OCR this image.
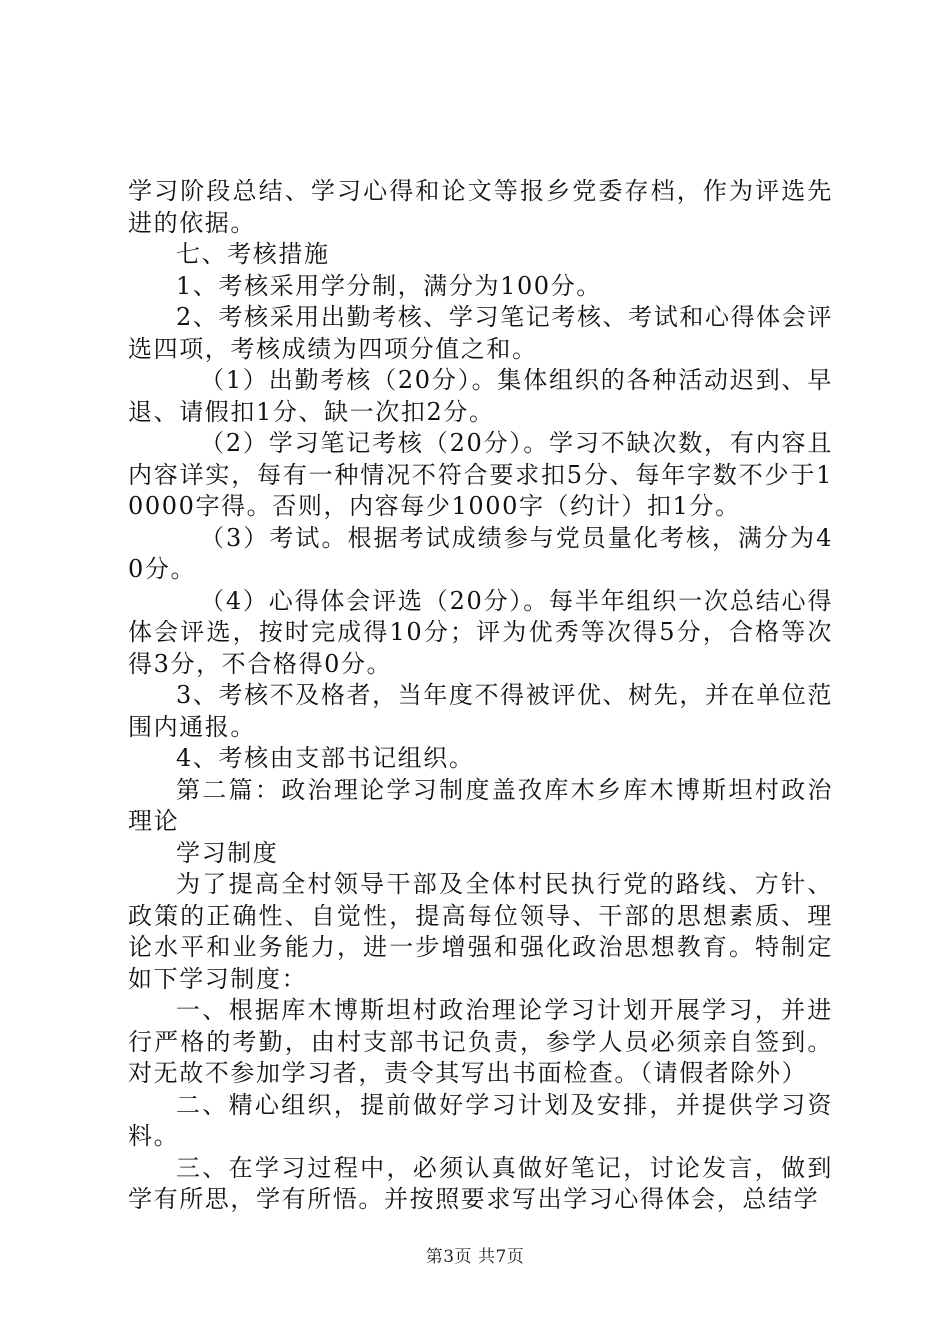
学习阶段总结、学习心得和论文等报乡党委存档，作为评选先进的依据。

七、考核措施

1、考核采用学分制，满分为100分。

2、考核采用出勤考核、学习笔记考核、考试和心得体会评选四项，考核成绩为四项分值之和。

（1）出勤考核（20分）。集体组织的各种活动迟到、早退、请假扣1分、缺一次扣2分。

（2）学习笔记考核（20分）。学习不缺次数，有内容且内容详实，每有一种情况不符合要求扣5分、每年字数不少于10000字得。否则，内容每少1000字（约计）扣1分。

（3）考试。根据考试成绩参与党员量化考核，满分为40分。

（4）心得体会评选（20分）。每半年组织一次总结心得体会评选，按时完成得10分；评为优秀等次得5分，合格等次得3分，不合格得0分。

3、考核不及格者，当年度不得被评优、树先，并在单位范围内通报。

4、考核由支部书记组织。

第二篇：政治理论学习制度盖孜库木乡库木博斯坦村政治理论

学习制度

为了提高全村领导干部及全体村民执行党的路线、方针、政策的正确性、自觉性，提高每位领导、干部的思想素质、理论水平和业务能力，进一步增强和强化政治思想教育。特制定如下学习制度：

一、根据库木博斯坦村政治理论学习计划开展学习，并进行严格的考勤，由村支部书记负责，参学人员必须亲自签到。对无故不参加学习者，责令其写出书面检查。（请假者除外）

二、精心组织，提前做好学习计划及安排，并提供学习资料。

三、在学习过程中，必须认真做好笔记，讨论发言，做到学有所思，学有所悟。并按照要求写出学习心得体会，总结学

第3页 共7页
